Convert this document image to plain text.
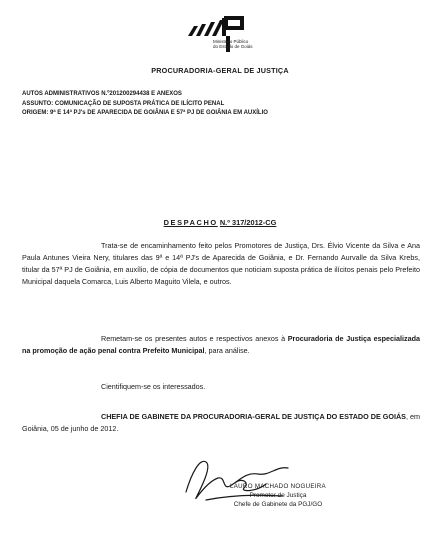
Ministério Público
do Estado de Goiás
PROCURADORIA-GERAL DE JUSTIÇA
AUTOS ADMINISTRATIVOS N.º201200294438 E ANEXOS
ASSUNTO: COMUNICAÇÃO DE SUPOSTA PRÁTICA DE ILÍCITO PENAL
ORIGEM: 9ª E 14ª PJ's DE APARECIDA DE GOIÂNIA E 57ª PJ DE GOIÂNIA EM AUXÍLIO
DESPACHO N.º 317/2012-CG
Trata-se de encaminhamento feito pelos Promotores de Justiça, Drs. Élvio Vicente da Silva e Ana Paula Antunes Vieira Nery, titulares das 9ª e 14ª PJ's de Aparecida de Goiânia, e Dr. Fernando Aurvalle da Silva Krebs, titular da 57ª PJ de Goiânia, em auxílio, de cópia de documentos que noticiam suposta prática de ilícitos penais pelo Prefeito Municipal daquela Comarca, Luis Alberto Maguito Vilela, e outros.
Remetam-se os presentes autos e respectivos anexos à Procuradoria de Justiça especializada na promoção de ação penal contra Prefeito Municipal, para análise.
Cientifiquem-se os interessados.
CHEFIA DE GABINETE DA PROCURADORIA-GERAL DE JUSTIÇA DO ESTADO DE GOIÁS, em Goiânia, 05 de junho de 2012.
LAURO MACHADO NOGUEIRA
Promotor de Justiça
Chefe de Gabinete da PGJ/GO
